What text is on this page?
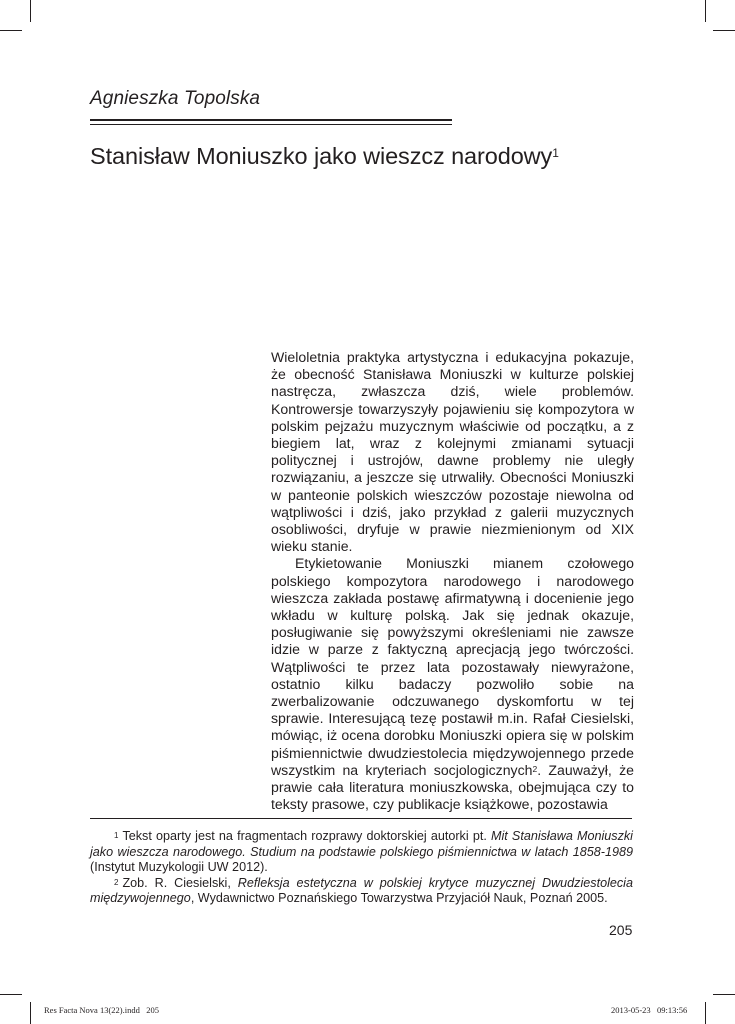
Agnieszka Topolska
Stanisław Moniuszko jako wieszcz narodowy$^1$

Wieloletnia praktyka artystyczna i edukacyjna pokazuje, że obecność Stanisława Moniuszki w kulturze polskiej nastręcza, zwłaszcza dziś, wiele problemów. Kontrowersje towarzyszyły pojawieniu się kompozytora w polskim pejzażu muzycznym właściwie od początku, a z biegiem lat, wraz z kolejnymi zmianami sytuacji politycznej i ustrojów, dawne problemy nie uległy rozwiązaniu, a jeszcze się utrwaliły. Obecności Moniuszki w panteonie polskich wieszczów pozostaje niewolna od wątpliwości i dziś, jako przykład z galerii muzycznych osobliwości, dryfuje w prawie niezmienionym od XIX wieku stanie.

Etykietowanie Moniuszki mianem czołowego polskiego kompozytora narodowego i narodowego wieszcza zakłada postawę afirmatywną i docenienie jego wkładu w kulturę polską. Jak się jednak okazuje, posługiwanie się powyższymi określeniami nie zawsze idzie w parze z faktyczną aprecjacją jego twórczości. Wątpliwości te przez lata pozostawały niewyrażone, ostatnio kilku badaczy pozwoliło sobie na zwerbalizowanie odczuwanego dyskomfortu w tej sprawie. Interesującą tezę postawił m.in. Rafał Ciesielski, mówiąc, iż ocena dorobku Moniuszki opiera się w polskim piśmiennictwie dwudziestolecia międzywojennego przede wszystkim na kryteriach socjologicznych$^2$. Zauważył, że prawie cała literatura moniuszkowska, obejmująca czy to teksty prasowe, czy publikacje książkowe, pozostawia

$^1$ Tekst oparty jest na fragmentach rozprawy doktorskiej autorki pt. Mit Stanisława Moniuszki jako wieszcza narodowego. Studium na podstawie polskiego piśmiennictwa w latach 1858-1989 (Instytut Muzykologii UW 2012).

$^2$ Zob. R. Ciesielski, Refleksja estetyczna w polskiej krytyce muzycznej Dwudziestolecia międzywojennego, Wydawnictwo Poznańskiego Towarzystwa Przyjaciół Nauk, Poznań 2005.

205
Res Facta Nova 13(22).indd   205	2013-05-23   09:13:56
